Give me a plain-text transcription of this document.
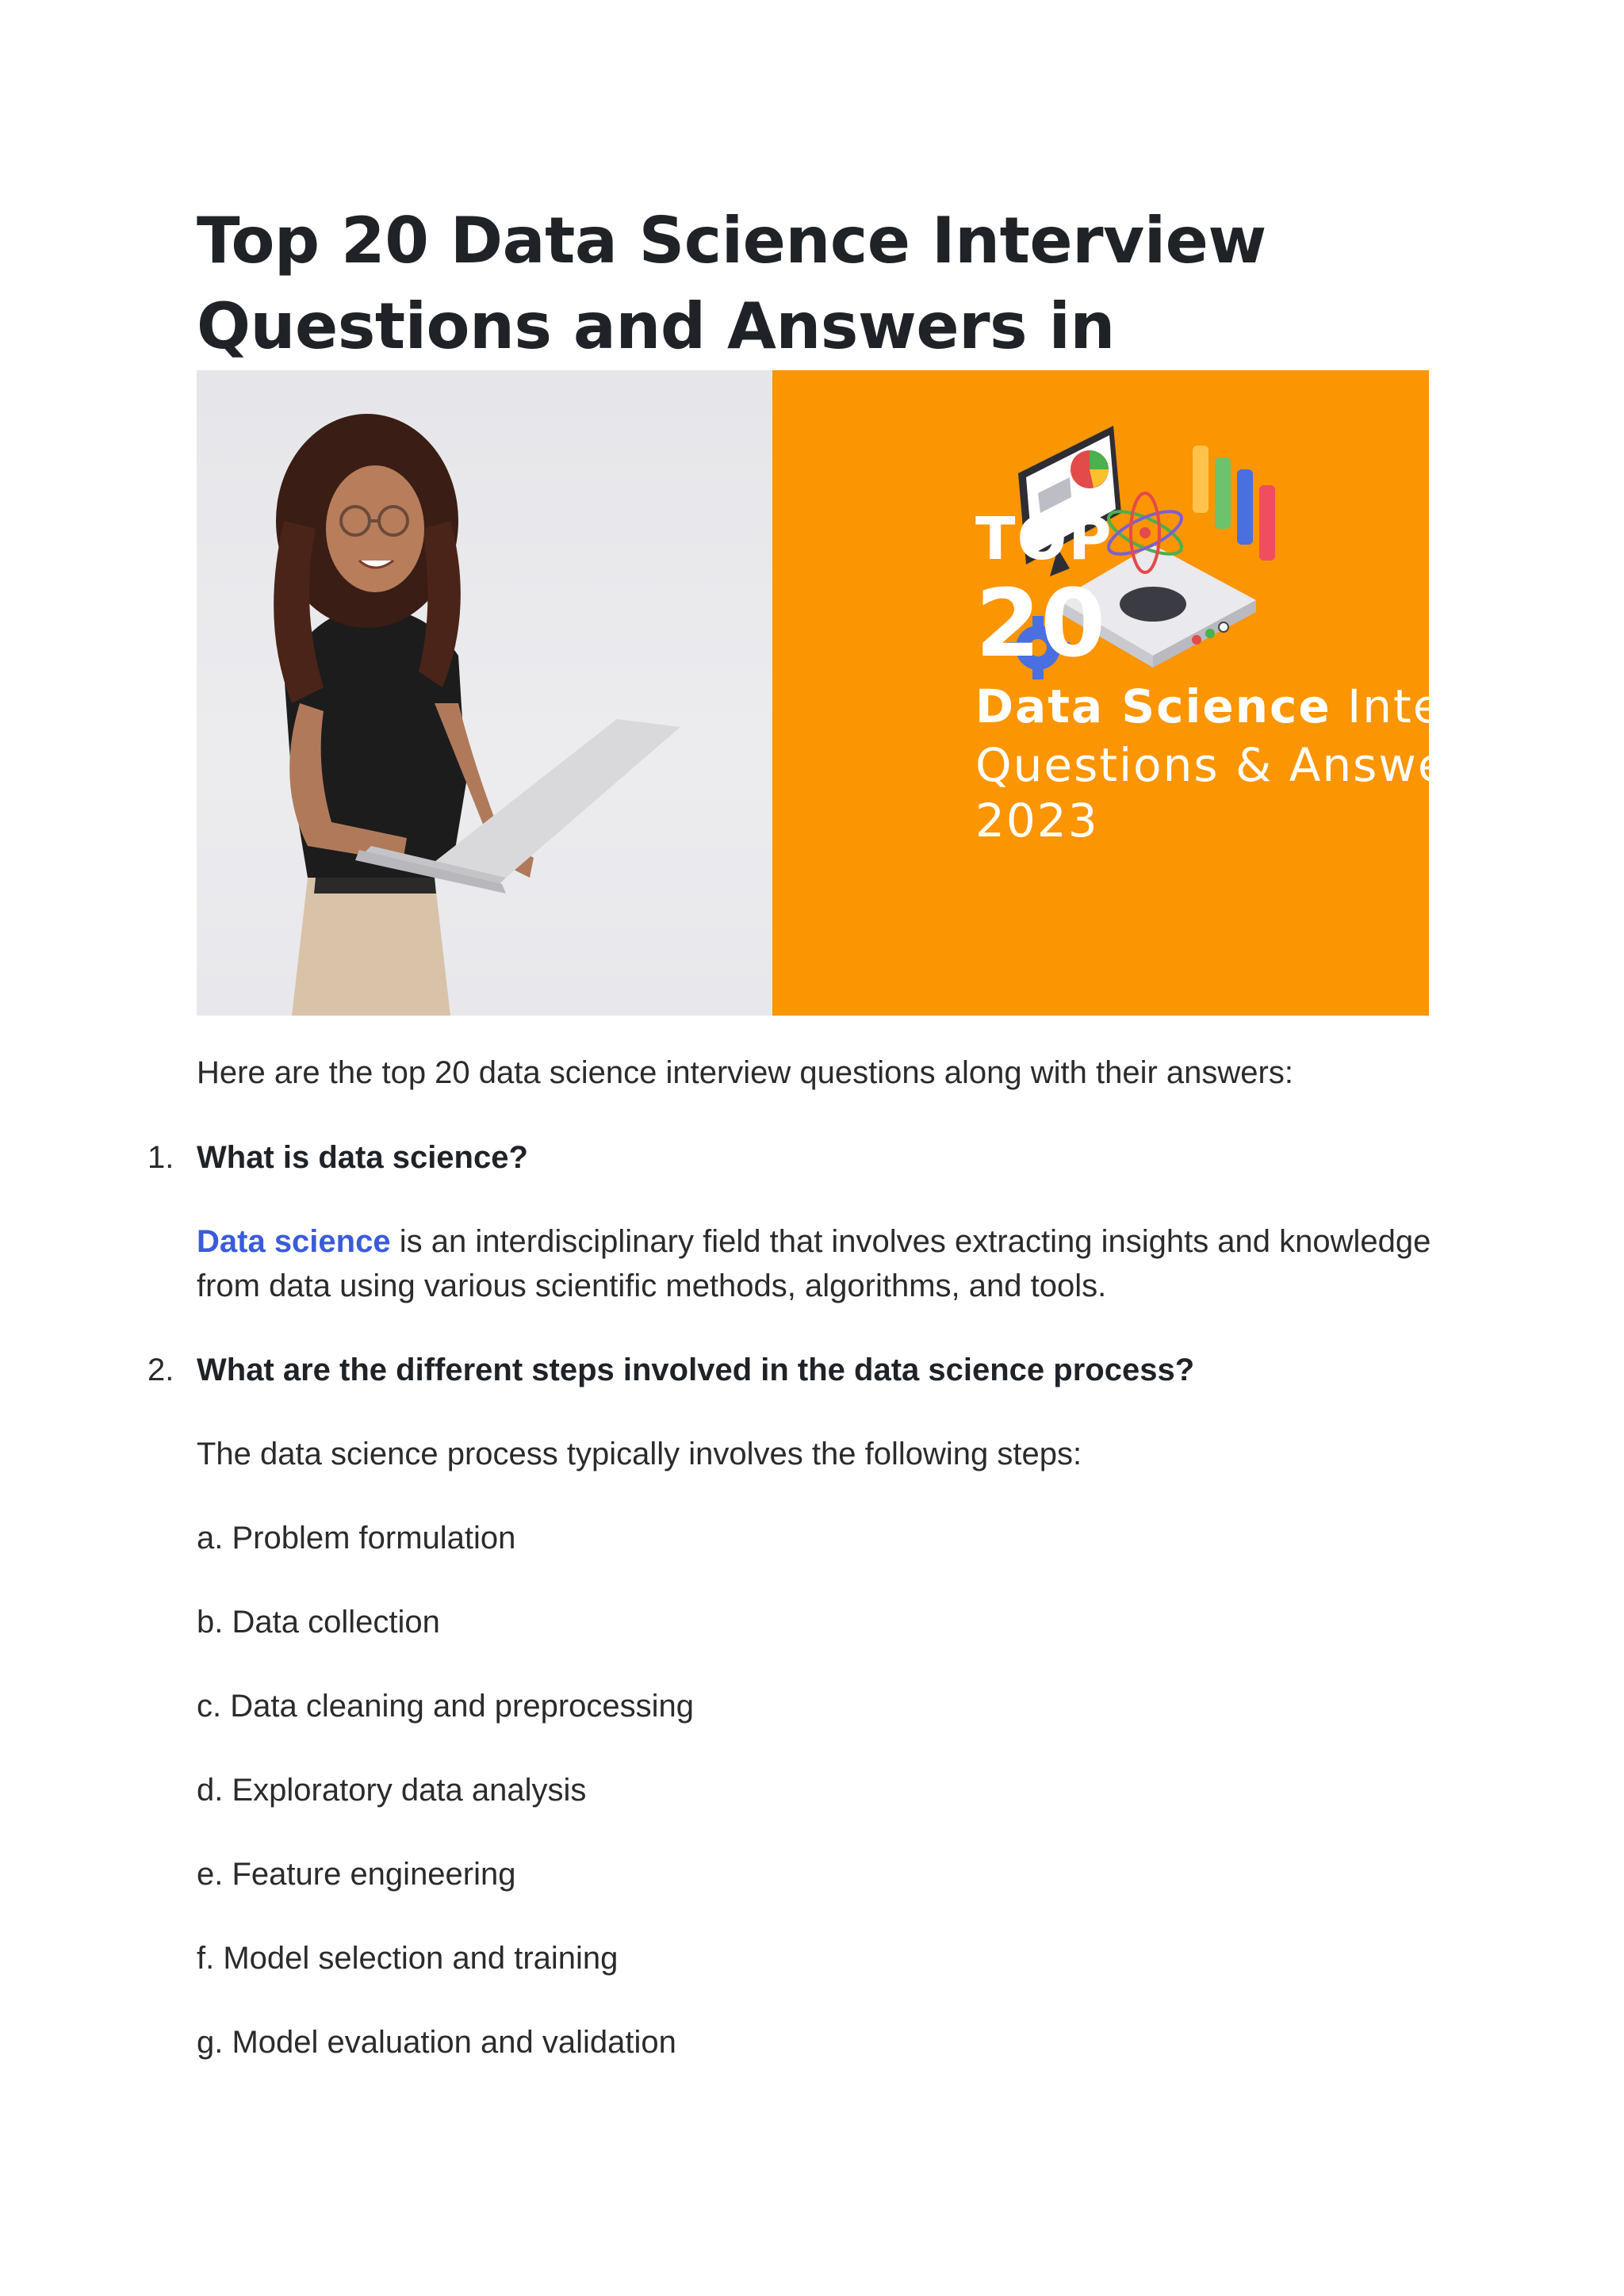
Top 20 Data Science Interview Questions and Answers in
TOP
20
Data Science Interview
Questions & Answers in
2023

Here are the top 20 data science interview questions along with their answers:

1. What is data science?

Data science is an interdisciplinary field that involves extracting insights and knowledge from data using various scientific methods, algorithms, and tools.

2. What are the different steps involved in the data science process?

The data science process typically involves the following steps:

a. Problem formulation

b. Data collection

c. Data cleaning and preprocessing

d. Exploratory data analysis

e. Feature engineering

f. Model selection and training

g. Model evaluation and validation
